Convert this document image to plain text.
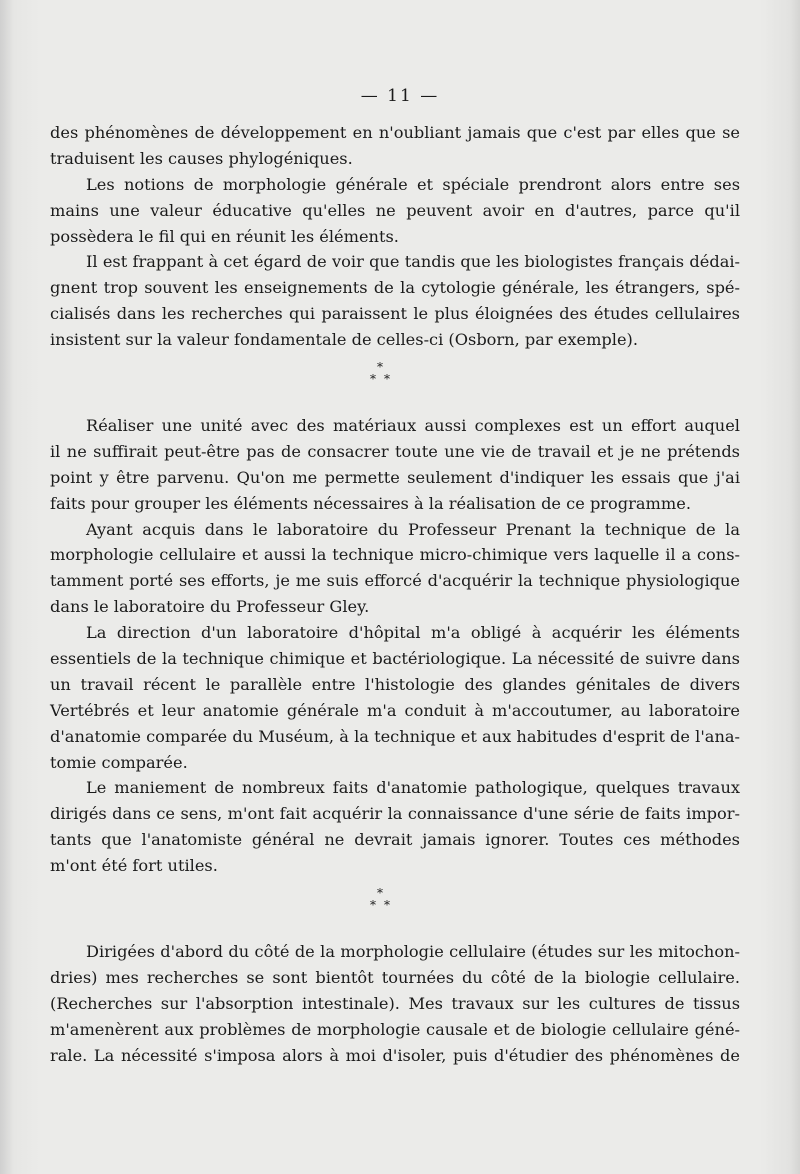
— 11 —
des phénomènes de développement en n'oubliant jamais que c'est par elles que se
traduisent les causes phylogéniques.
Les notions de morphologie générale et spéciale prendront alors entre ses
mains une valeur éducative qu'elles ne peuvent avoir en d'autres, parce qu'il
possèdera le fil qui en réunit les éléments.
Il est frappant à cet égard de voir que tandis que les biologistes français dédai-
gnent trop souvent les enseignements de la cytologie générale, les étrangers, spé-
cialisés dans les recherches qui paraissent le plus éloignées des études cellulaires
insistent sur la valeur fondamentale de celles-ci (Osborn, par exemple).
*
* *
Réaliser une unité avec des matériaux aussi complexes est un effort auquel
il ne suffirait peut-être pas de consacrer toute une vie de travail et je ne prétends
point y être parvenu. Qu'on me permette seulement d'indiquer les essais que j'ai
faits pour grouper les éléments nécessaires à la réalisation de ce programme.
Ayant acquis dans le laboratoire du Professeur Prenant la technique de la
morphologie cellulaire et aussi la technique micro-chimique vers laquelle il a cons-
tamment porté ses efforts, je me suis efforcé d'acquérir la technique physiologique
dans le laboratoire du Professeur Gley.
La direction d'un laboratoire d'hôpital m'a obligé à acquérir les éléments
essentiels de la technique chimique et bactériologique. La nécessité de suivre dans
un travail récent le parallèle entre l'histologie des glandes génitales de divers
Vertébrés et leur anatomie générale m'a conduit à m'accoutumer, au laboratoire
d'anatomie comparée du Muséum, à la technique et aux habitudes d'esprit de l'ana-
tomie comparée.
Le maniement de nombreux faits d'anatomie pathologique, quelques travaux
dirigés dans ce sens, m'ont fait acquérir la connaissance d'une série de faits impor-
tants que l'anatomiste général ne devrait jamais ignorer. Toutes ces méthodes
m'ont été fort utiles.
*
* *
Dirigées d'abord du côté de la morphologie cellulaire (études sur les mitochon-
dries) mes recherches se sont bientôt tournées du côté de la biologie cellulaire.
(Recherches sur l'absorption intestinale). Mes travaux sur les cultures de tissus
m'amenèrent aux problèmes de morphologie causale et de biologie cellulaire géné-
rale. La nécessité s'imposa alors à moi d'isoler, puis d'étudier des phénomènes de
